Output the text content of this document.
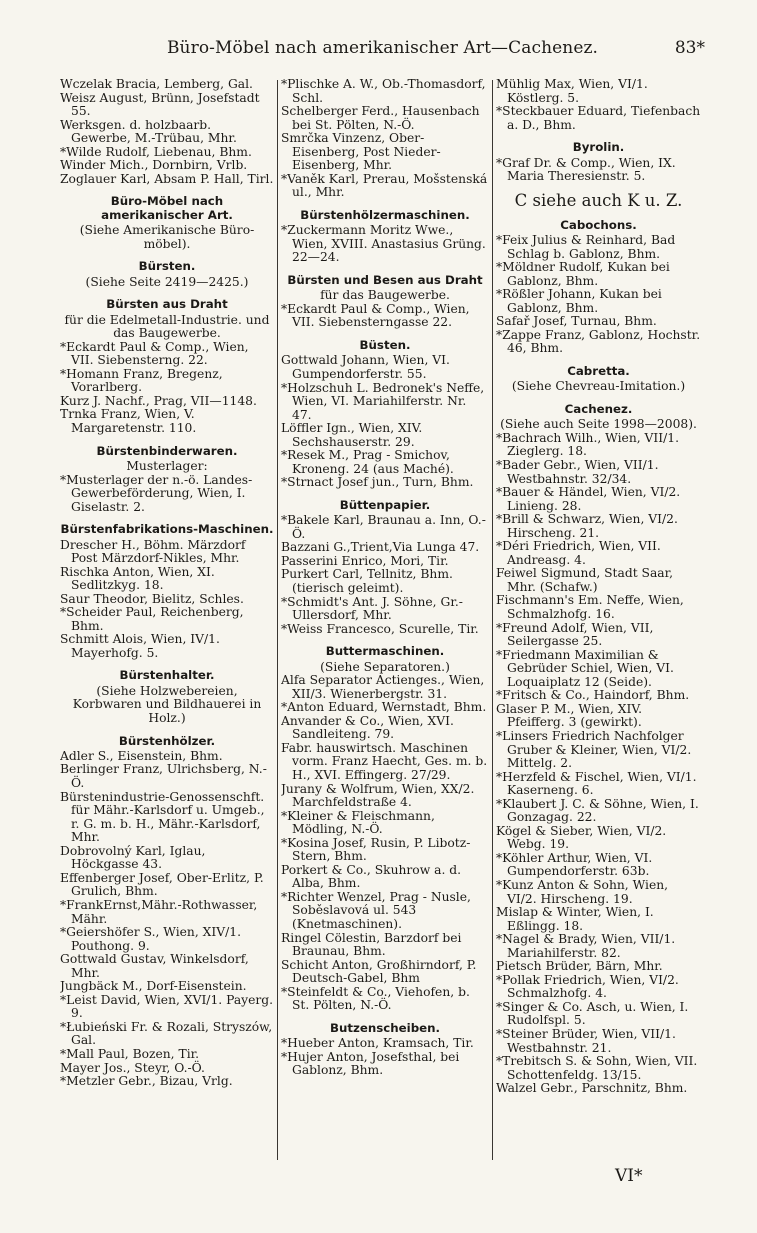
Büro-Möbel nach amerikanischer Art—Cachenez.	83*
Wczelak Bracia, Lemberg, Gal.
Weisz August, Brünn, Josefstadt 55.
Werksgen. d. holzbaarb. Gewerbe, M.-Trübau, Mhr.
*Wilde Rudolf, Liebenau, Bhm.
Winder Mich., Dornbirn, Vrlb.
Zoglauer Karl, Absam P. Hall, Tirl.
Büro-Möbel nach amerikanischer Art.
(Siehe Amerikanische Büro-möbel).
Bürsten.
(Siehe Seite 2419—2425.)
Bürsten aus Draht
für die Edelmetall-Industrie. und das Baugewerbe.
*Eckardt Paul & Comp., Wien, VII. Siebensterng. 22.
*Homann Franz, Bregenz, Vorarlberg.
Kurz J. Nachf., Prag, VII—1148.
Trnka Franz, Wien, V. Margaretenstr. 110.
Bürstenbinderwaren.
Musterlager:
*Musterlager der n.-ö. Landes-Gewerbeförderung, Wien, I. Giselastr. 2.
Bürstenfabrikations-Maschinen.
Drescher H., Böhm. Märzdorf Post Märzdorf-Nikles, Mhr.
Rischka Anton, Wien, XI. Sedlitzkyg. 18.
Saur Theodor, Bielitz, Schles.
*Scheider Paul, Reichenberg, Bhm.
Schmitt Alois, Wien, IV/1. Mayerhofg. 5.
Bürstenhalter.
(Siehe Holzwebereien, Korbwaren und Bildhauerei in Holz.)
Bürstenhölzer.
Adler S., Eisenstein, Bhm.
Berlinger Franz, Ulrichsberg, N.-Ö.
Bürstenindustrie-Genossenschft. für Mähr.-Karlsdorf u. Umgeb., r. G. m. b. H., Mähr.-Karlsdorf, Mhr.
Dobrovolný Karl, Iglau, Höckgasse 43.
Effenberger Josef, Ober-Erlitz, P. Grulich, Bhm.
*FrankErnst,Mähr.-Rothwasser, Mähr.
*Geiershöfer S., Wien, XIV/1. Pouthong. 9.
Gottwald Gustav, Winkelsdorf, Mhr.
Jungbäck M., Dorf-Eisenstein.
*Leist David, Wien, XVI/1. Payerg. 9.
*Łubieński Fr. & Rozali, Stryszów, Gal.
*Mall Paul, Bozen, Tir.
Mayer Jos., Steyr, O.-Ö.
*Metzler Gebr., Bizau, Vrlg.
*Plischke A. W., Ob.-Thomasdorf, Schl.
Schelberger Ferd., Hausenbach bei St. Pölten, N.-Ö.
Smrčka Vinzenz, Ober-Eisenberg, Post Nieder-Eisenberg, Mhr.
*Vaněk Karl, Prerau, Mošstenská ul., Mhr.
Bürstenhölzermaschinen.
*Zuckermann Moritz Wwe., Wien, XVIII. Anastasius Grüng. 22—24.
Bürsten und Besen aus Draht
für das Baugewerbe.
*Eckardt Paul & Comp., Wien, VII. Siebensterngasse 22.
Büsten.
Gottwald Johann, Wien, VI. Gumpendorferstr. 55.
*Holzschuh L. Bedronek's Neffe, Wien, VI. Mariahilferstr. Nr. 47.
Löffler Ign., Wien, XIV. Sechshauserstr. 29.
*Resek M., Prag - Smichov, Kroneng. 24 (aus Maché).
*Strnact Josef jun., Turn, Bhm.
Büttenpapier.
*Bakele Karl, Braunau a. Inn, O.-Ö.
Bazzani G.,Trient,Via Lunga 47.
Passerini Enrico, Mori, Tir.
Purkert Carl, Tellnitz, Bhm. (tierisch geleimt).
*Schmidt's Ant. J. Söhne, Gr.-Ullersdorf, Mhr.
*Weiss Francesco, Scurelle, Tir.
Buttermaschinen.
(Siehe Separatoren.)
Alfa Separator Actienges., Wien, XII/3. Wienerbergstr. 31.
*Anton Eduard, Wernstadt, Bhm.
Anvander & Co., Wien, XVI. Sandleiteng. 79.
Fabr. hauswirtsch. Maschinen vorm. Franz Haecht, Ges. m. b. H., XVI. Effingerg. 27/29.
Jurany & Wolfrum, Wien, XX/2. Marchfeldstraße 4.
*Kleiner & Fleischmann, Mödling, N.-Ö.
*Kosina Josef, Rusin, P. Libotz-Stern, Bhm.
Porkert & Co., Skuhrow a. d. Alba, Bhm.
*Richter Wenzel, Prag - Nusle, Soběslavová ul. 543 (Knetmaschinen).
Ringel Cölestin, Barzdorf bei Braunau, Bhm.
Schicht Anton, Großhirndorf, P. Deutsch-Gabel, Bhm
*Steinfeldt & Co., Viehofen, b. St. Pölten, N.-Ö.
Butzenscheiben.
*Hueber Anton, Kramsach, Tir.
*Hujer Anton, Josefsthal, bei Gablonz, Bhm.
Mühlig Max, Wien, VI/1. Köstlerg. 5.
*Steckbauer Eduard, Tiefenbach a. D., Bhm.
Byrolin.
*Graf Dr. & Comp., Wien, IX. Maria Theresienstr. 5.
C siehe auch K u. Z.
Cabochons.
*Feix Julius & Reinhard, Bad Schlag b. Gablonz, Bhm.
*Möldner Rudolf, Kukan bei Gablonz, Bhm.
*Rößler Johann, Kukan bei Gablonz, Bhm.
Safař Josef, Turnau, Bhm.
*Zappe Franz, Gablonz, Hochstr. 46, Bhm.
Cabretta.
(Siehe Chevreau-Imitation.)
Cachenez.
(Siehe auch Seite 1998—2008).
*Bachrach Wilh., Wien, VII/1. Zieglerg. 18.
*Bader Gebr., Wien, VII/1. Westbahnstr. 32/34.
*Bauer & Händel, Wien, VI/2. Linieng. 28.
*Brill & Schwarz, Wien, VI/2. Hirscheng. 21.
*Déri Friedrich, Wien, VII. Andreasg. 4.
Feiwel Sigmund, Stadt Saar, Mhr. (Schafw.)
Fischmann's Em. Neffe, Wien, Schmalzhofg. 16.
*Freund Adolf, Wien, VII, Seilergasse 25.
*Friedmann Maximilian & Gebrüder Schiel, Wien, VI. Loquaiplatz 12 (Seide).
*Fritsch & Co., Haindorf, Bhm.
Glaser P. M., Wien, XIV. Pfeifferg. 3 (gewirkt).
*Linsers Friedrich Nachfolger Gruber & Kleiner, Wien, VI/2. Mittelg. 2.
*Herzfeld & Fischel, Wien, VI/1. Kaserneng. 6.
*Klaubert J. C. & Söhne, Wien, I. Gonzagag. 22.
Kögel & Sieber, Wien, VI/2. Webg. 19.
*Köhler Arthur, Wien, VI. Gumpendorferstr. 63b.
*Kunz Anton & Sohn, Wien, VI/2. Hirscheng. 19.
Mislap & Winter, Wien, I. Eßlingg. 18.
*Nagel & Brady, Wien, VII/1. Mariahilferstr. 82.
Pietsch Brüder, Bärn, Mhr.
*Pollak Friedrich, Wien, VI/2. Schmalzhofg. 4.
*Singer & Co. Asch, u. Wien, I. Rudolfspl. 5.
*Steiner Brüder, Wien, VII/1. Westbahnstr. 21.
*Trebitsch S. & Sohn, Wien, VII. Schottenfeldg. 13/15.
Walzel Gebr., Parschnitz, Bhm.
VI*
